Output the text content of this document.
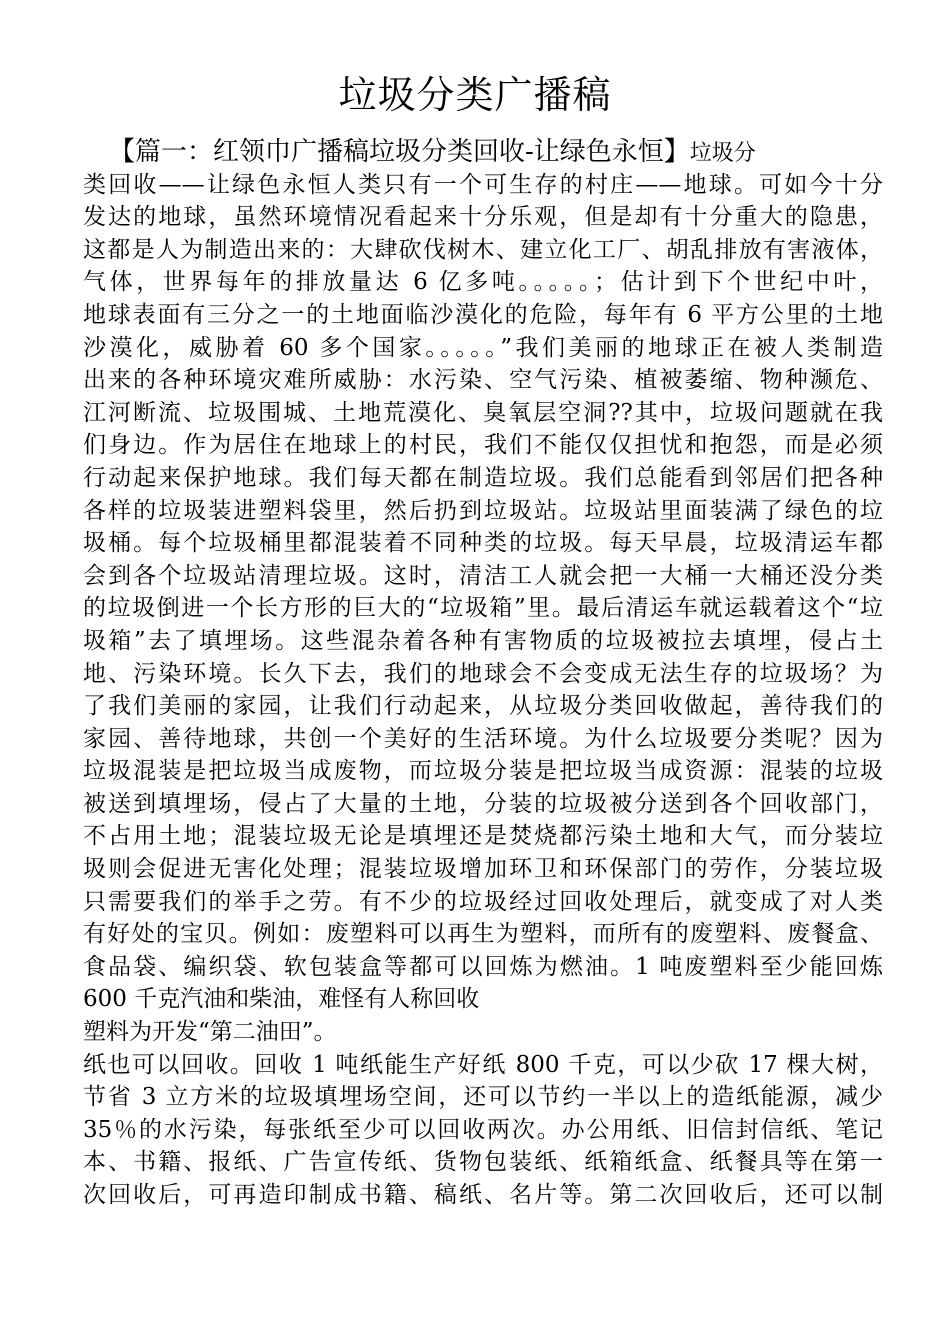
垃圾分类广播稿
【篇一：红领巾广播稿垃圾分类回收-让绿色永恒】垃圾分
类回收——让绿色永恒人类只有一个可生存的村庄——地球。可如今十分
发达的地球，虽然环境情况看起来十分乐观，但是却有十分重大的隐患，
这都是人为制造出来的：大肆砍伐树木、建立化工厂、胡乱排放有害液体，
气体，世界每年的排放量达 6 亿多吨。。。。。；估计到下个世纪中叶，
地球表面有三分之一的土地面临沙漠化的危险，每年有 6 平方公里的土地
沙漠化，威胁着 60 多个国家。。。。。”我们美丽的地球正在被人类制造
出来的各种环境灾难所威胁：水污染、空气污染、植被萎缩、物种濒危、
江河断流、垃圾围城、土地荒漠化、臭氧层空洞??其中，垃圾问题就在我
们身边。作为居住在地球上的村民，我们不能仅仅担忧和抱怨，而是必须
行动起来保护地球。我们每天都在制造垃圾。我们总能看到邻居们把各种
各样的垃圾装进塑料袋里，然后扔到垃圾站。垃圾站里面装满了绿色的垃
圾桶。每个垃圾桶里都混装着不同种类的垃圾。每天早晨，垃圾清运车都
会到各个垃圾站清理垃圾。这时，清洁工人就会把一大桶一大桶还没分类
的垃圾倒进一个长方形的巨大的“垃圾箱”里。最后清运车就运载着这个“垃
圾箱”去了填埋场。这些混杂着各种有害物质的垃圾被拉去填埋，侵占土
地、污染环境。长久下去，我们的地球会不会变成无法生存的垃圾场？为
了我们美丽的家园，让我们行动起来，从垃圾分类回收做起，善待我们的
家园、善待地球，共创一个美好的生活环境。为什么垃圾要分类呢？因为
垃圾混装是把垃圾当成废物，而垃圾分装是把垃圾当成资源：混装的垃圾
被送到填埋场，侵占了大量的土地，分装的垃圾被分送到各个回收部门，
不占用土地；混装垃圾无论是填埋还是焚烧都污染土地和大气，而分装垃
圾则会促进无害化处理；混装垃圾增加环卫和环保部门的劳作，分装垃圾
只需要我们的举手之劳。有不少的垃圾经过回收处理后，就变成了对人类
有好处的宝贝。例如：废塑料可以再生为塑料，而所有的废塑料、废餐盒、
食品袋、编织袋、软包装盒等都可以回炼为燃油。1 吨废塑料至少能回炼
600 千克汽油和柴油，难怪有人称回收
塑料为开发“第二油田”。
纸也可以回收。回收 1 吨纸能生产好纸 800 千克，可以少砍 17 棵大树，
节省 3 立方米的垃圾填埋场空间，还可以节约一半以上的造纸能源，减少
35％的水污染，每张纸至少可以回收两次。办公用纸、旧信封信纸、笔记
本、书籍、报纸、广告宣传纸、货物包装纸、纸箱纸盒、纸餐具等在第一
次回收后，可再造印制成书籍、稿纸、名片等。第二次回收后，还可以制
